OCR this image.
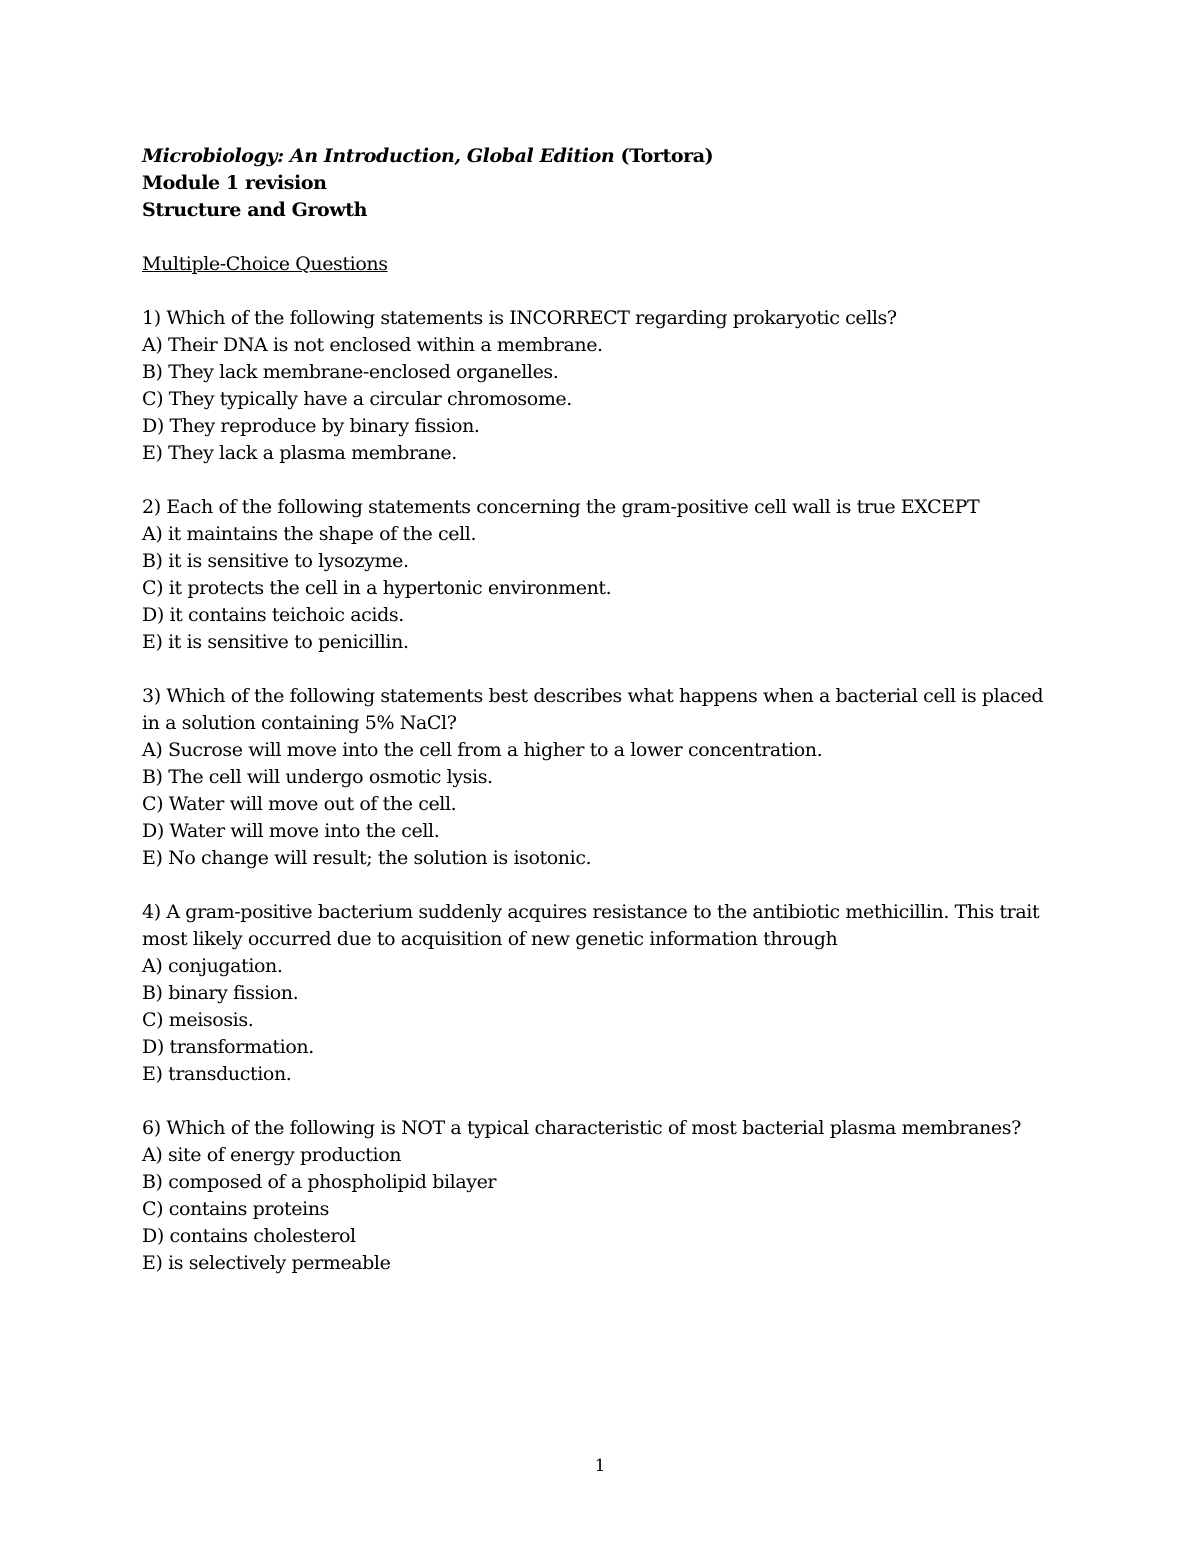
Microbiology: An Introduction, Global Edition (Tortora)
Module 1 revision
Structure and Growth
Multiple-Choice Questions
1) Which of the following statements is INCORRECT regarding prokaryotic cells?
A) Their DNA is not enclosed within a membrane.
B) They lack membrane-enclosed organelles.
C) They typically have a circular chromosome.
D) They reproduce by binary fission.
E) They lack a plasma membrane.
2) Each of the following statements concerning the gram-positive cell wall is true EXCEPT
A) it maintains the shape of the cell.
B) it is sensitive to lysozyme.
C) it protects the cell in a hypertonic environment.
D) it contains teichoic acids.
E) it is sensitive to penicillin.
3) Which of the following statements best describes what happens when a bacterial cell is placed
in a solution containing 5% NaCl?
A) Sucrose will move into the cell from a higher to a lower concentration.
B) The cell will undergo osmotic lysis.
C) Water will move out of the cell.
D) Water will move into the cell.
E) No change will result; the solution is isotonic.
4) A gram-positive bacterium suddenly acquires resistance to the antibiotic methicillin. This trait
most likely occurred due to acquisition of new genetic information through
A) conjugation.
B) binary fission.
C) meisosis.
D) transformation.
E) transduction.
6) Which of the following is NOT a typical characteristic of most bacterial plasma membranes?
A) site of energy production
B) composed of a phospholipid bilayer
C) contains proteins
D) contains cholesterol
E) is selectively permeable
1
